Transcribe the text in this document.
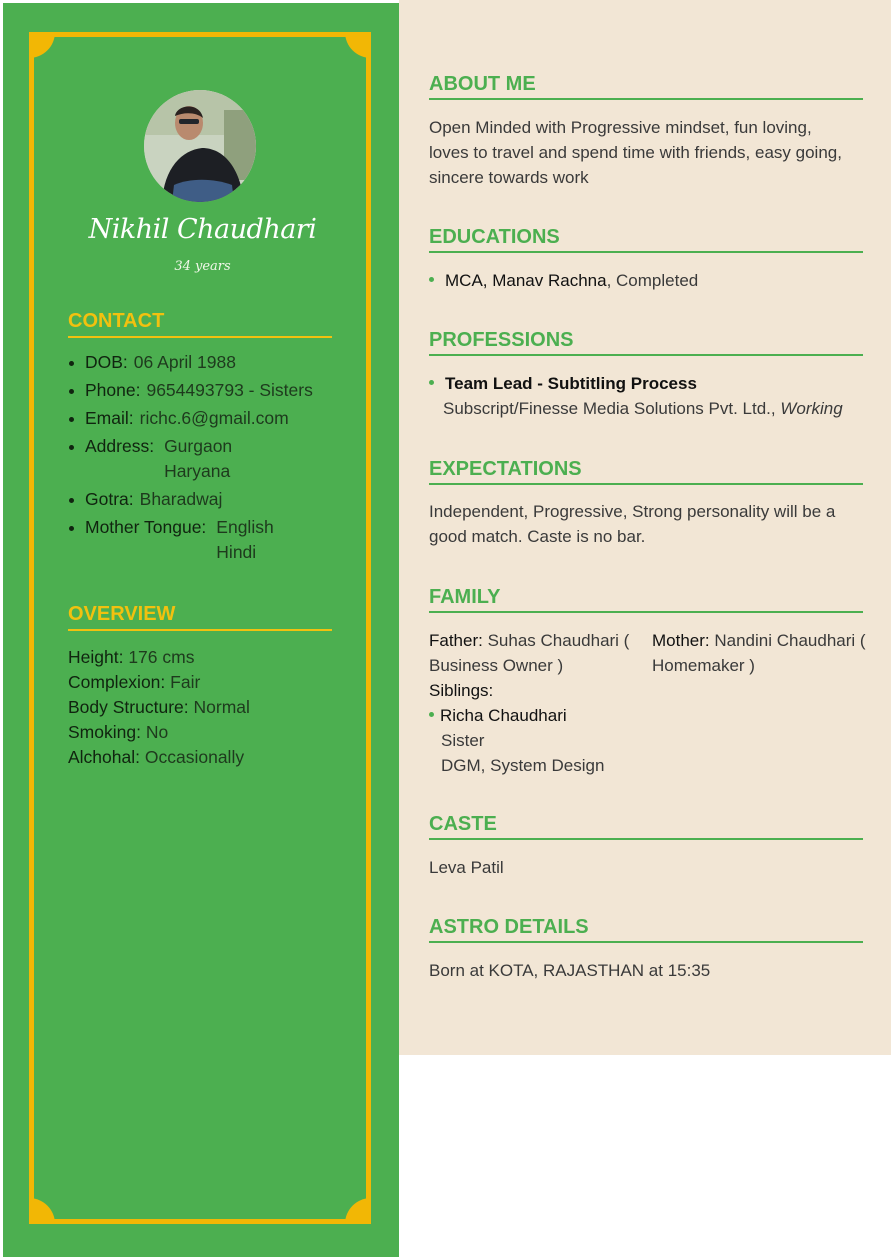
Nikhil Chaudhari
34 years
CONTACT
DOB: 06 April 1988
Phone: 9654493793 - Sisters
Email: richc.6@gmail.com
Address: Gurgaon
Haryana
Gotra: Bharadwaj
Mother Tongue: English
Hindi
OVERVIEW
Height: 176 cms
Complexion: Fair
Body Structure: Normal
Smoking: No
Alchohal: Occasionally
ABOUT ME
Open Minded with Progressive mindset, fun loving, loves to travel and spend time with friends, easy going, sincere towards work
EDUCATIONS
MCA, Manav Rachna, Completed
PROFESSIONS
Team Lead - Subtitling Process
Subscript/Finesse Media Solutions Pvt. Ltd., Working
EXPECTATIONS
Independent, Progressive, Strong personality will be a good match. Caste is no bar.
FAMILY
Father: Suhas Chaudhari ( Business Owner )
Siblings:
Richa Chaudhari
Sister
DGM, System Design
Mother: Nandini Chaudhari ( Homemaker )
CASTE
Leva Patil
ASTRO DETAILS
Born at KOTA, RAJASTHAN at 15:35
